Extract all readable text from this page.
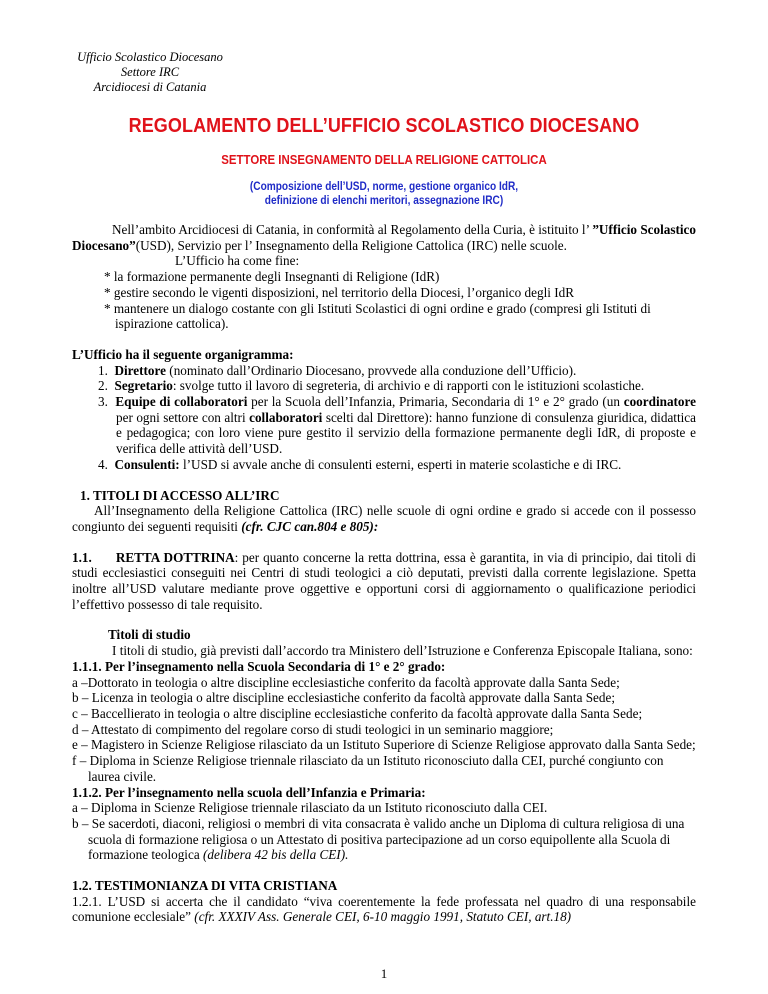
Ufficio Scolastico Diocesano
Settore IRC
Arcidiocesi di Catania
REGOLAMENTO DELL’UFFICIO SCOLASTICO DIOCESANO
SETTORE INSEGNAMENTO DELLA RELIGIONE CATTOLICA
(Composizione dell’USD, norme, gestione organico IdR,
definizione di elenchi meritori, assegnazione IRC)

Nell’ambito Arcidiocesi di Catania, in conformità al Regolamento della Curia, è istituito l’ ”Ufficio Scolastico Diocesano”(USD), Servizio per l’ Insegnamento della Religione Cattolica (IRC) nelle scuole.

L’Ufficio ha come fine:

* la formazione permanente degli Insegnanti di Religione (IdR)
* gestire secondo le vigenti disposizioni, nel territorio della Diocesi, l’organico degli IdR
* mantenere un dialogo costante con gli Istituti Scolastici di ogni ordine e grado (compresi gli Istituti di ispirazione cattolica).

L’Ufficio ha il seguente organigramma:

1. Direttore (nominato dall’Ordinario Diocesano, provvede alla conduzione dell’Ufficio).
2. Segretario: svolge tutto il lavoro di segreteria, di archivio e di rapporti con le istituzioni scolastiche.
3. Equipe di collaboratori per la Scuola dell’Infanzia, Primaria, Secondaria di 1° e 2° grado (un coordinatore per ogni settore con altri collaboratori scelti dal Direttore): hanno funzione di consulenza giuridica, didattica e pedagogica; con loro viene pure gestito il servizio della formazione permanente degli IdR, di proposte e verifica delle attività dell’USD.
4. Consulenti: l’USD si avvale anche di consulenti esterni, esperti in materie scolastiche e di IRC.

1. TITOLI DI ACCESSO ALL’IRC

All’Insegnamento della Religione Cattolica (IRC) nelle scuole di ogni ordine e grado si accede con il possesso congiunto dei seguenti requisiti (cfr. CJC can.804 e 805):

1.1. RETTA DOTTRINA: per quanto concerne la retta dottrina, essa è garantita, in via di principio, dai titoli di studi ecclesiastici conseguiti nei Centri di studi teologici a ciò deputati, previsti dalla corrente legislazione. Spetta inoltre all’USD valutare mediante prove oggettive e opportuni corsi di aggiornamento o qualificazione periodici l’effettivo possesso di tale requisito.

Titoli di studio

I titoli di studio, già previsti dall’accordo tra Ministero dell’Istruzione e Conferenza Episcopale Italiana, sono:

1.1.1. Per l’insegnamento nella Scuola Secondaria di 1° e 2° grado:

a –Dottorato in teologia o altre discipline ecclesiastiche conferito da facoltà approvate dalla Santa Sede;
b – Licenza in teologia o altre discipline ecclesiastiche conferito da facoltà approvate dalla Santa Sede;
c – Baccellierato in teologia o altre discipline ecclesiastiche conferito da facoltà approvate dalla Santa Sede;
d – Attestato di compimento del regolare corso di studi teologici in un seminario maggiore;
e – Magistero in Scienze Religiose rilasciato da un Istituto Superiore di Scienze Religiose approvato dalla Santa Sede;
f – Diploma in Scienze Religiose triennale rilasciato da un Istituto riconosciuto dalla CEI, purché congiunto con laurea civile.

1.1.2. Per l’insegnamento nella scuola dell’Infanzia e Primaria:

a – Diploma in Scienze Religiose triennale rilasciato da un Istituto riconosciuto dalla CEI.
b – Se sacerdoti, diaconi, religiosi o membri di vita consacrata è valido anche un Diploma di cultura religiosa di una scuola di formazione religiosa o un Attestato di positiva partecipazione ad un corso equipollente alla Scuola di formazione teologica (delibera 42 bis della CEI).

1.2. TESTIMONIANZA DI VITA CRISTIANA

1.2.1. L’USD si accerta che il candidato “viva coerentemente la fede professata nel quadro di una responsabile comunione ecclesiale” (cfr. XXXIV Ass. Generale CEI, 6-10 maggio 1991, Statuto CEI, art.18)

1
